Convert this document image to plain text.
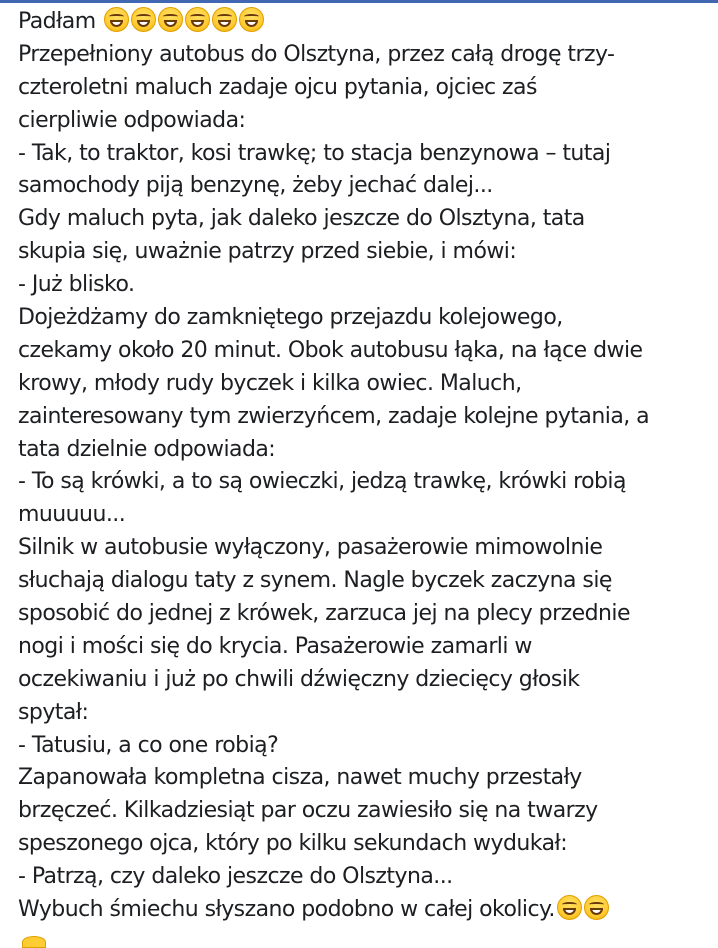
Padłam
Przepełniony autobus do Olsztyna, przez całą drogę trzy-
czteroletni maluch zadaje ojcu pytania, ojciec zaś
cierpliwie odpowiada:
- Tak, to traktor, kosi trawkę; to stacja benzynowa – tutaj
samochody piją benzynę, żeby jechać dalej...
Gdy maluch pyta, jak daleko jeszcze do Olsztyna, tata
skupia się, uważnie patrzy przed siebie, i mówi:
- Już blisko.
Dojeżdżamy do zamkniętego przejazdu kolejowego,
czekamy około 20 minut. Obok autobusu łąka, na łące dwie
krowy, młody rudy byczek i kilka owiec. Maluch,
zainteresowany tym zwierzyńcem, zadaje kolejne pytania, a
tata dzielnie odpowiada:
- To są krówki, a to są owieczki, jedzą trawkę, krówki robią
muuuuu...
Silnik w autobusie wyłączony, pasażerowie mimowolnie
słuchają dialogu taty z synem. Nagle byczek zaczyna się
sposobić do jednej z krówek, zarzuca jej na plecy przednie
nogi i mości się do krycia. Pasażerowie zamarli w
oczekiwaniu i już po chwili dźwięczny dziecięcy głosik
spytał:
- Tatusiu, a co one robią?
Zapanowała kompletna cisza, nawet muchy przestały
brzęczeć. Kilkadziesiąt par oczu zawiesiło się na twarzy
speszonego ojca, który po kilku sekundach wydukał:
- Patrzą, czy daleko jeszcze do Olsztyna...
Wybuch śmiechu słyszano podobno w całej okolicy.
